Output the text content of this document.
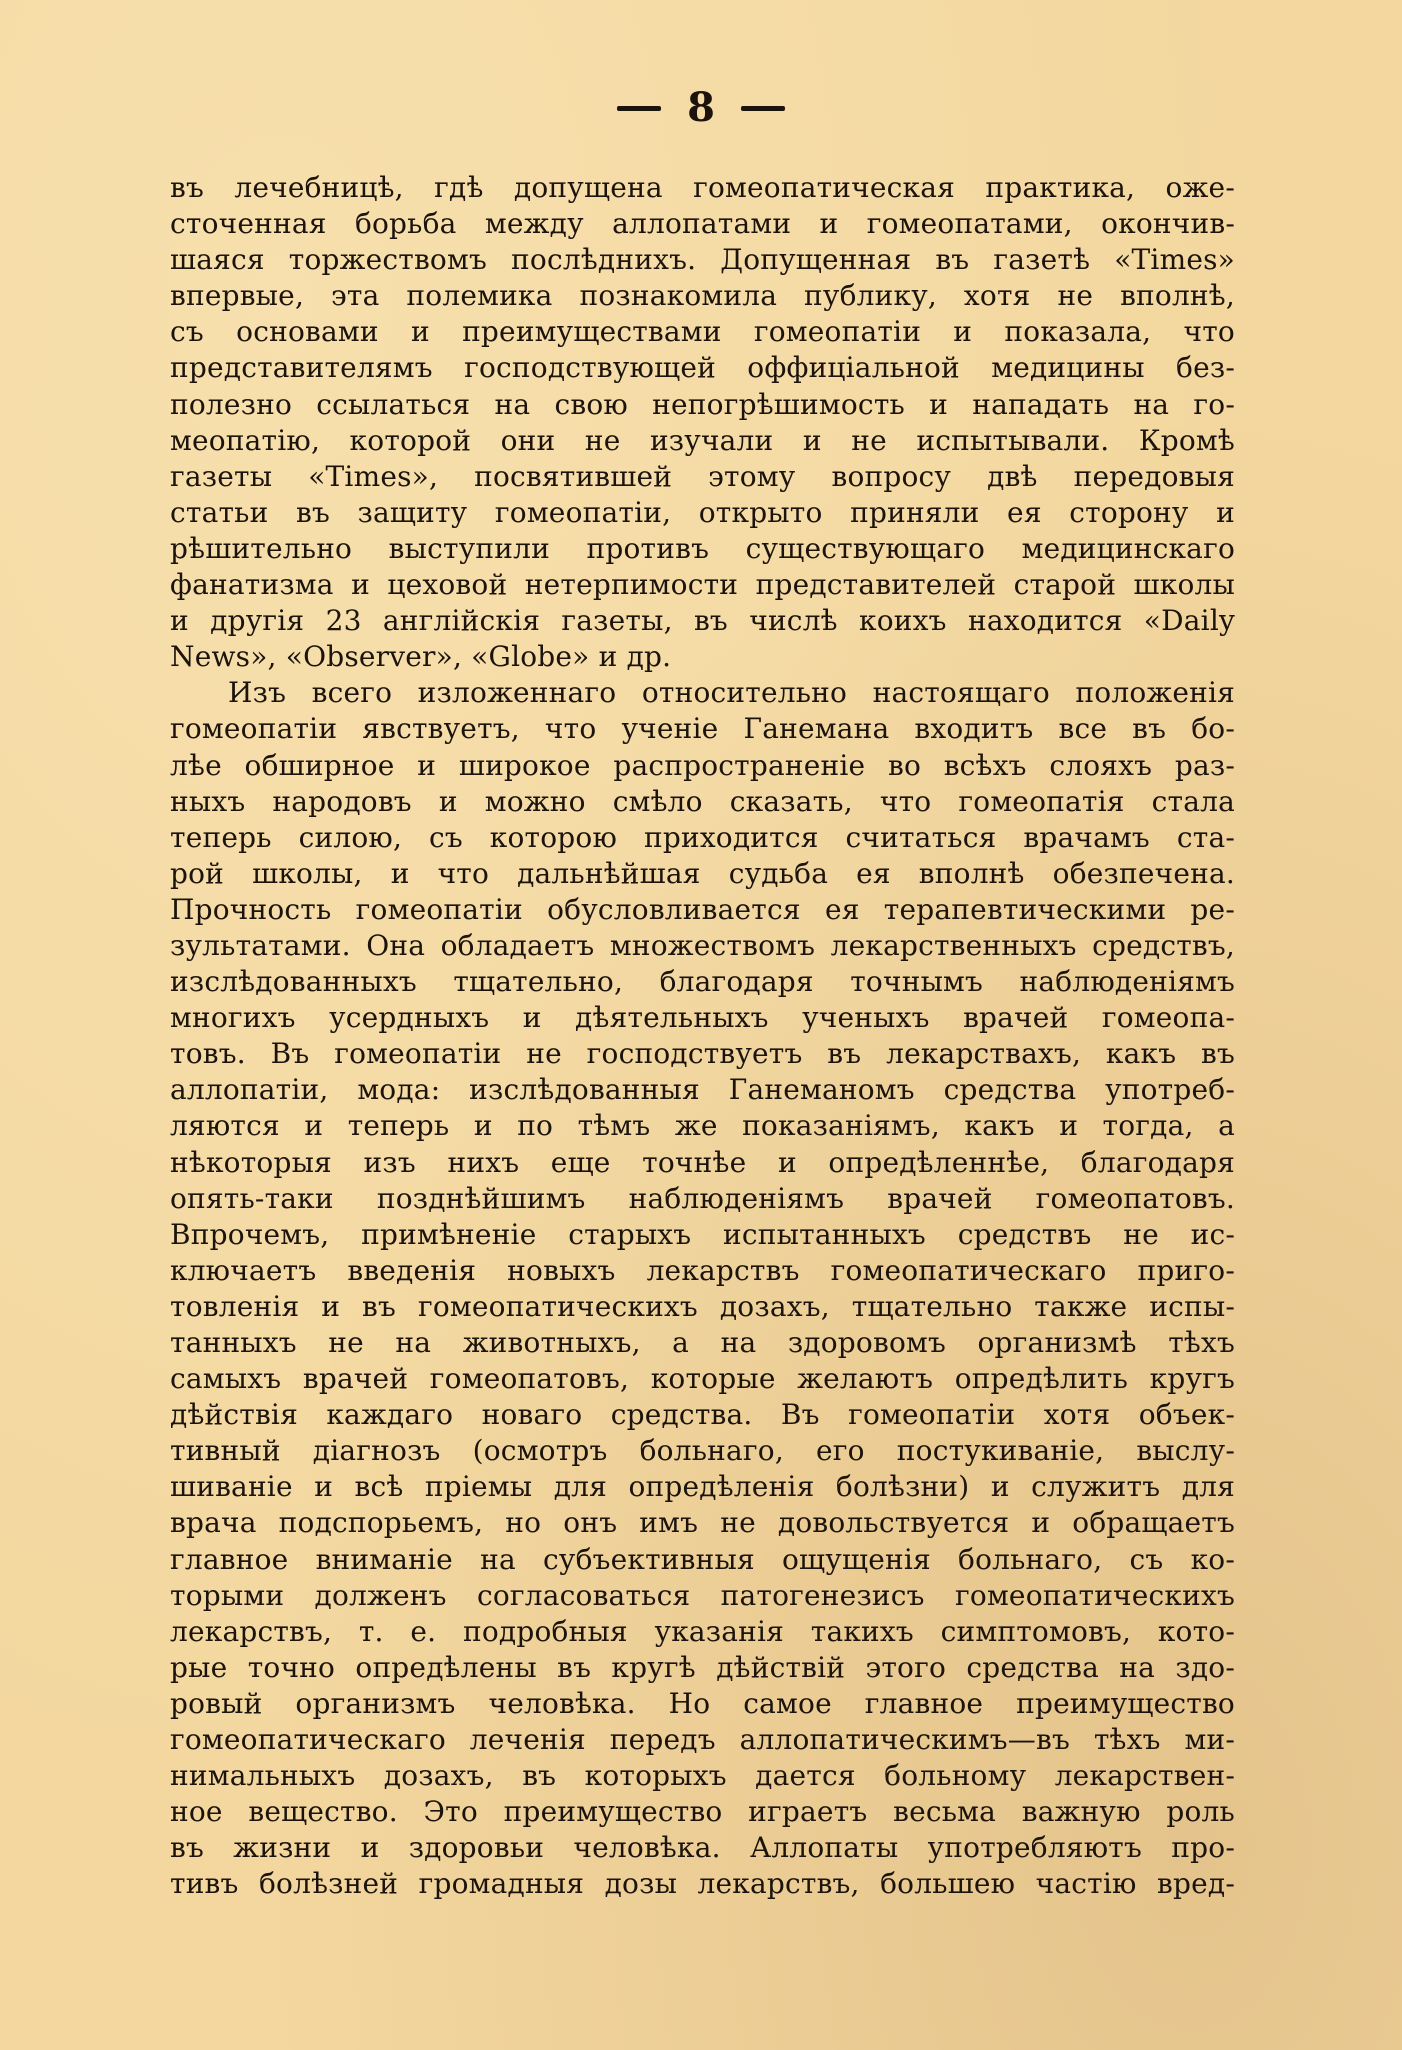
8
въ лечебницѣ, гдѣ допущена гомеопатическая практика, оже-
сточенная борьба между аллопатами и гомеопатами, окончив-
шаяся торжествомъ послѣднихъ. Допущенная въ газетѣ «Times»
впервые, эта полемика познакомила публику, хотя не вполнѣ,
съ основами и преимуществами гомеопатіи и показала, что
представителямъ господствующей оффиціальной медицины без-
полезно ссылаться на свою непогрѣшимость и нападать на го-
меопатію, которой они не изучали и не испытывали. Кромѣ
газеты «Times», посвятившей этому вопросу двѣ передовыя
статьи въ защиту гомеопатіи, открыто приняли ея сторону и
рѣшительно выступили противъ существующаго медицинскаго
фанатизма и цеховой нетерпимости представителей старой школы
и другія 23 англійскія газеты, въ числѣ коихъ находится «Daily
News», «Observer», «Globe» и др.
Изъ всего изложеннаго относительно настоящаго положенія
гомеопатіи явствуетъ, что ученіе Ганемана входитъ все въ бо-
лѣе обширное и широкое распространеніе во всѣхъ слояхъ раз-
ныхъ народовъ и можно смѣло сказать, что гомеопатія стала
теперь силою, съ которою приходится считаться врачамъ ста-
рой школы, и что дальнѣйшая судьба ея вполнѣ обезпечена.
Прочность гомеопатіи обусловливается ея терапевтическими ре-
зультатами. Она обладаетъ множествомъ лекарственныхъ средствъ,
изслѣдованныхъ тщательно, благодаря точнымъ наблюденіямъ
многихъ усердныхъ и дѣятельныхъ ученыхъ врачей гомеопа-
товъ. Въ гомеопатіи не господствуетъ въ лекарствахъ, какъ въ
аллопатіи, мода: изслѣдованныя Ганеманомъ средства употреб-
ляются и теперь и по тѣмъ же показаніямъ, какъ и тогда, а
нѣкоторыя изъ нихъ еще точнѣе и опредѣленнѣе, благодаря
опять-таки позднѣйшимъ наблюденіямъ врачей гомеопатовъ.
Впрочемъ, примѣненіе старыхъ испытанныхъ средствъ не ис-
ключаетъ введенія новыхъ лекарствъ гомеопатическаго приго-
товленія и въ гомеопатическихъ дозахъ, тщательно также испы-
танныхъ не на животныхъ, а на здоровомъ организмѣ тѣхъ
самыхъ врачей гомеопатовъ, которые желаютъ опредѣлить кругъ
дѣйствія каждаго новаго средства. Въ гомеопатіи хотя объек-
тивный діагнозъ (осмотръ больнаго, его постукиваніе, выслу-
шиваніе и всѣ пріемы для опредѣленія болѣзни) и служитъ для
врача подспорьемъ, но онъ имъ не довольствуется и обращаетъ
главное вниманіе на субъективныя ощущенія больнаго, съ ко-
торыми долженъ согласоваться патогенезисъ гомеопатическихъ
лекарствъ, т. е. подробныя указанія такихъ симптомовъ, кото-
рые точно опредѣлены въ кругѣ дѣйствій этого средства на здо-
ровый организмъ человѣка. Но самое главное преимущество
гомеопатическаго леченія передъ аллопатическимъ—въ тѣхъ ми-
нимальныхъ дозахъ, въ которыхъ дается больному лекарствен-
ное вещество. Это преимущество играетъ весьма важную роль
въ жизни и здоровьи человѣка. Аллопаты употребляютъ про-
тивъ болѣзней громадныя дозы лекарствъ, большею частію вред-
